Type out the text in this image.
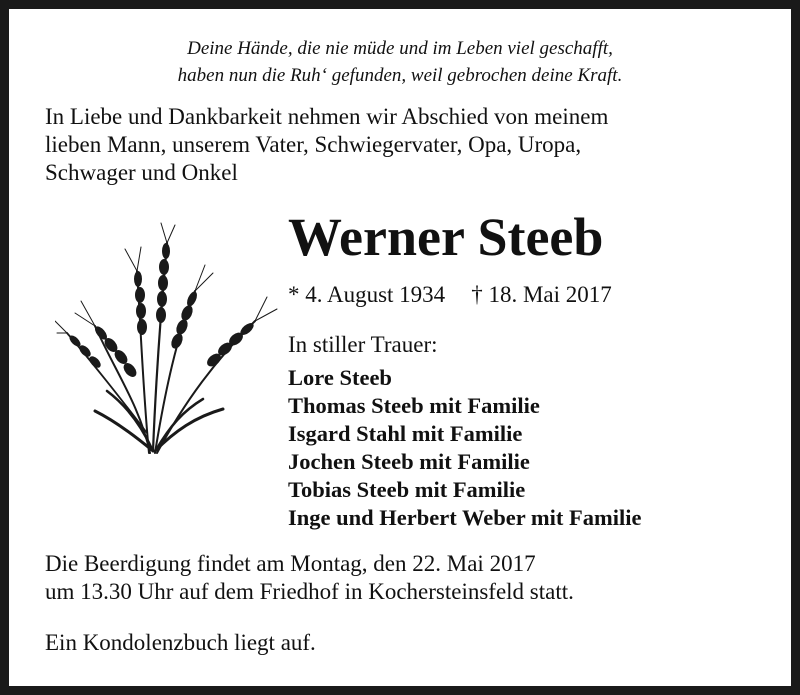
Deine Hände, die nie müde und im Leben viel geschafft,
haben nun die Ruh‘ gefunden, weil gebrochen deine Kraft.
In Liebe und Dankbarkeit nehmen wir Abschied von meinem
lieben Mann, unserem Vater, Schwiegervater, Opa, Uropa,
Schwager und Onkel
Werner Steeb
* 4. August 1934 † 18. Mai 2017
In stiller Trauer:
Lore Steeb
Thomas Steeb mit Familie
Isgard Stahl mit Familie
Jochen Steeb mit Familie
Tobias Steeb mit Familie
Inge und Herbert Weber mit Familie
Die Beerdigung findet am Montag, den 22. Mai 2017
um 13.30 Uhr auf dem Friedhof in Kochersteinsfeld statt.
Ein Kondolenzbuch liegt auf.
